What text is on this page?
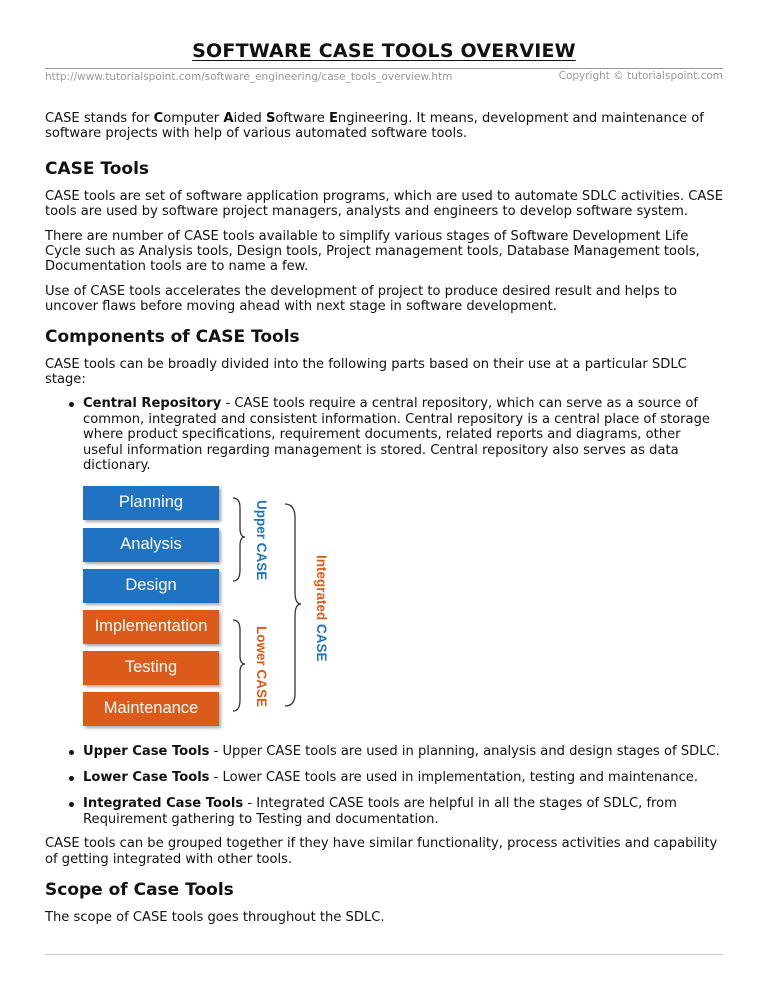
SOFTWARE CASE TOOLS OVERVIEW
http://www.tutorialspoint.com/software_engineering/case_tools_overview.htm	Copyright © tutorialspoint.com

CASE stands for Computer Aided Software Engineering. It means, development and maintenance of software projects with help of various automated software tools.

CASE Tools

CASE tools are set of software application programs, which are used to automate SDLC activities. CASE tools are used by software project managers, analysts and engineers to develop software system.

There are number of CASE tools available to simplify various stages of Software Development Life Cycle such as Analysis tools, Design tools, Project management tools, Database Management tools, Documentation tools are to name a few.

Use of CASE tools accelerates the development of project to produce desired result and helps to uncover flaws before moving ahead with next stage in software development.

Components of CASE Tools

CASE tools can be broadly divided into the following parts based on their use at a particular SDLC stage:

Central Repository - CASE tools require a central repository, which can serve as a source of common, integrated and consistent information. Central repository is a central place of storage where product specifications, requirement documents, related reports and diagrams, other useful information regarding management is stored. Central repository also serves as data dictionary.
Planning
Analysis
Design
Implementation
Testing
Maintenance
Upper CASE
Lower CASE
Integrated CASE
Upper Case Tools - Upper CASE tools are used in planning, analysis and design stages of SDLC.
Lower Case Tools - Lower CASE tools are used in implementation, testing and maintenance.
Integrated Case Tools - Integrated CASE tools are helpful in all the stages of SDLC, from Requirement gathering to Testing and documentation.

CASE tools can be grouped together if they have similar functionality, process activities and capability of getting integrated with other tools.

Scope of Case Tools

The scope of CASE tools goes throughout the SDLC.
